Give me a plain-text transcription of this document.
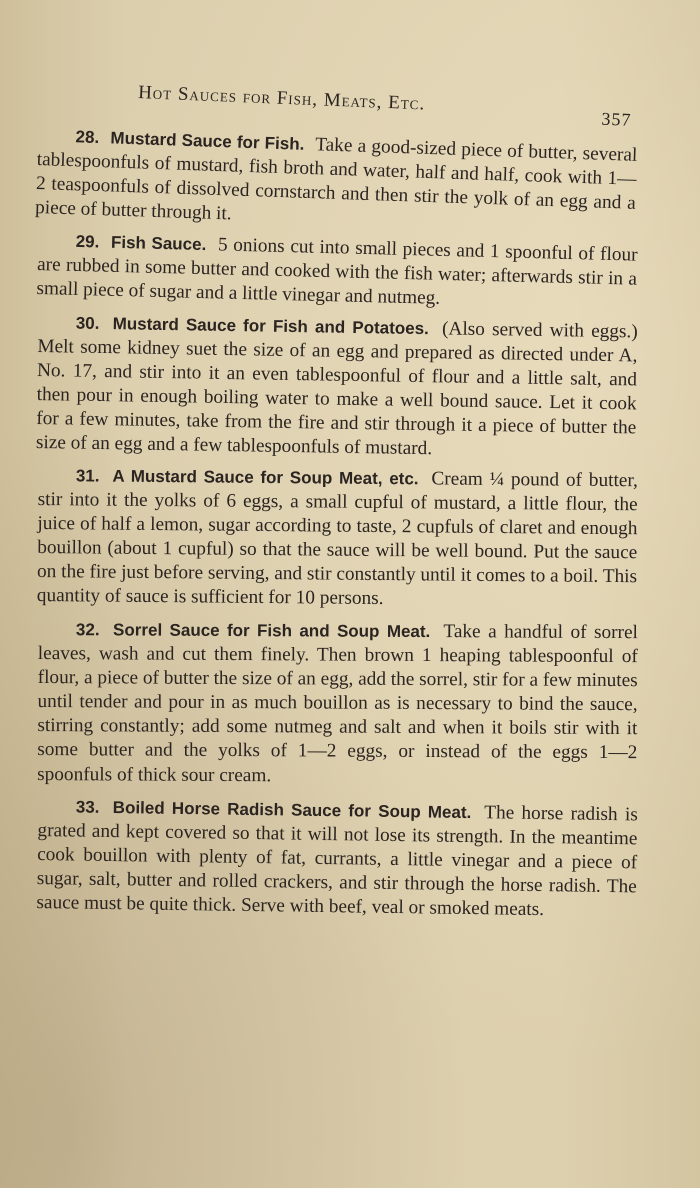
Hot Sauces for Fish, Meats, Etc.
357

28. Mustard Sauce for Fish. Take a good-sized piece of butter, several tablespoonfuls of mustard, fish broth and water, half and half, cook with 1—2 teaspoonfuls of dissolved cornstarch and then stir the yolk of an egg and a piece of butter through it.

29. Fish Sauce. 5 onions cut into small pieces and 1 spoonful of flour are rubbed in some butter and cooked with the fish water; afterwards stir in a small piece of sugar and a little vinegar and nutmeg.

30. Mustard Sauce for Fish and Potatoes. (Also served with eggs.) Melt some kidney suet the size of an egg and prepared as directed under A, No. 17, and stir into it an even tablespoonful of flour and a little salt, and then pour in enough boiling water to make a well bound sauce. Let it cook for a few minutes, take from the fire and stir through it a piece of butter the size of an egg and a few tablespoonfuls of mustard.

31. A Mustard Sauce for Soup Meat, etc. Cream ¼ pound of butter, stir into it the yolks of 6 eggs, a small cupful of mustard, a little flour, the juice of half a lemon, sugar according to taste, 2 cupfuls of claret and enough bouillon (about 1 cupful) so that the sauce will be well bound. Put the sauce on the fire just before serving, and stir constantly until it comes to a boil. This quantity of sauce is sufficient for 10 persons.

32. Sorrel Sauce for Fish and Soup Meat. Take a handful of sorrel leaves, wash and cut them finely. Then brown 1 heaping tablespoonful of flour, a piece of butter the size of an egg, add the sorrel, stir for a few minutes until tender and pour in as much bouillon as is necessary to bind the sauce, stirring constantly; add some nutmeg and salt and when it boils stir with it some butter and the yolks of 1—2 eggs, or instead of the eggs 1—2 spoonfuls of thick sour cream.

33. Boiled Horse Radish Sauce for Soup Meat. The horse radish is grated and kept covered so that it will not lose its strength. In the meantime cook bouillon with plenty of fat, currants, a little vinegar and a piece of sugar, salt, butter and rolled crackers, and stir through the horse radish. The sauce must be quite thick. Serve with beef, veal or smoked meats.
